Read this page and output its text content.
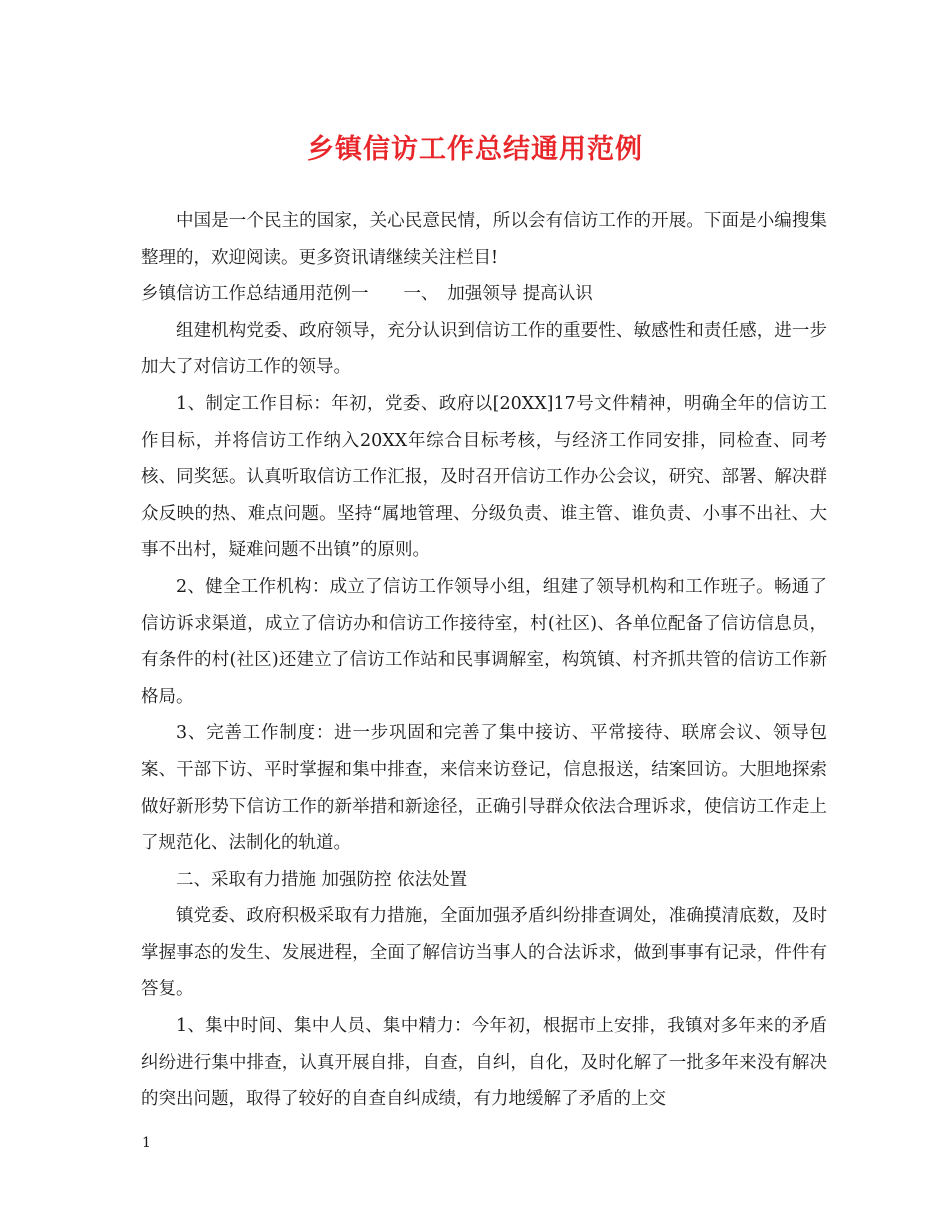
乡镇信访工作总结通用范例

中国是一个民主的国家，关心民意民情，所以会有信访工作的开展。下面是小编搜集整理的，欢迎阅读。更多资讯请继续关注栏目!

乡镇信访工作总结通用范例一　　一、　加强领导 提高认识

组建机构党委、政府领导，充分认识到信访工作的重要性、敏感性和责任感，进一步加大了对信访工作的领导。

1、制定工作目标：年初，党委、政府以[20XX]17号文件精神，明确全年的信访工作目标，并将信访工作纳入20XX年综合目标考核，与经济工作同安排，同检查、同考核、同奖惩。认真听取信访工作汇报，及时召开信访工作办公会议，研究、部署、解决群众反映的热、难点问题。坚持“属地管理、分级负责、谁主管、谁负责、小事不出社、大事不出村，疑难问题不出镇”的原则。

2、健全工作机构：成立了信访工作领导小组，组建了领导机构和工作班子。畅通了信访诉求渠道，成立了信访办和信访工作接待室，村(社区)、各单位配备了信访信息员，有条件的村(社区)还建立了信访工作站和民事调解室，构筑镇、村齐抓共管的信访工作新格局。

3、完善工作制度：进一步巩固和完善了集中接访、平常接待、联席会议、领导包案、干部下访、平时掌握和集中排查，来信来访登记，信息报送，结案回访。大胆地探索做好新形势下信访工作的新举措和新途径，正确引导群众依法合理诉求，使信访工作走上了规范化、法制化的轨道。

二、采取有力措施 加强防控 依法处置

镇党委、政府积极采取有力措施，全面加强矛盾纠纷排查调处，准确摸清底数，及时掌握事态的发生、发展进程，全面了解信访当事人的合法诉求，做到事事有记录，件件有答复。

1、集中时间、集中人员、集中精力：今年初，根据市上安排，我镇对多年来的矛盾纠纷进行集中排查，认真开展自排，自查，自纠，自化，及时化解了一批多年来没有解决的突出问题，取得了较好的自查自纠成绩，有力地缓解了矛盾的上交

1
